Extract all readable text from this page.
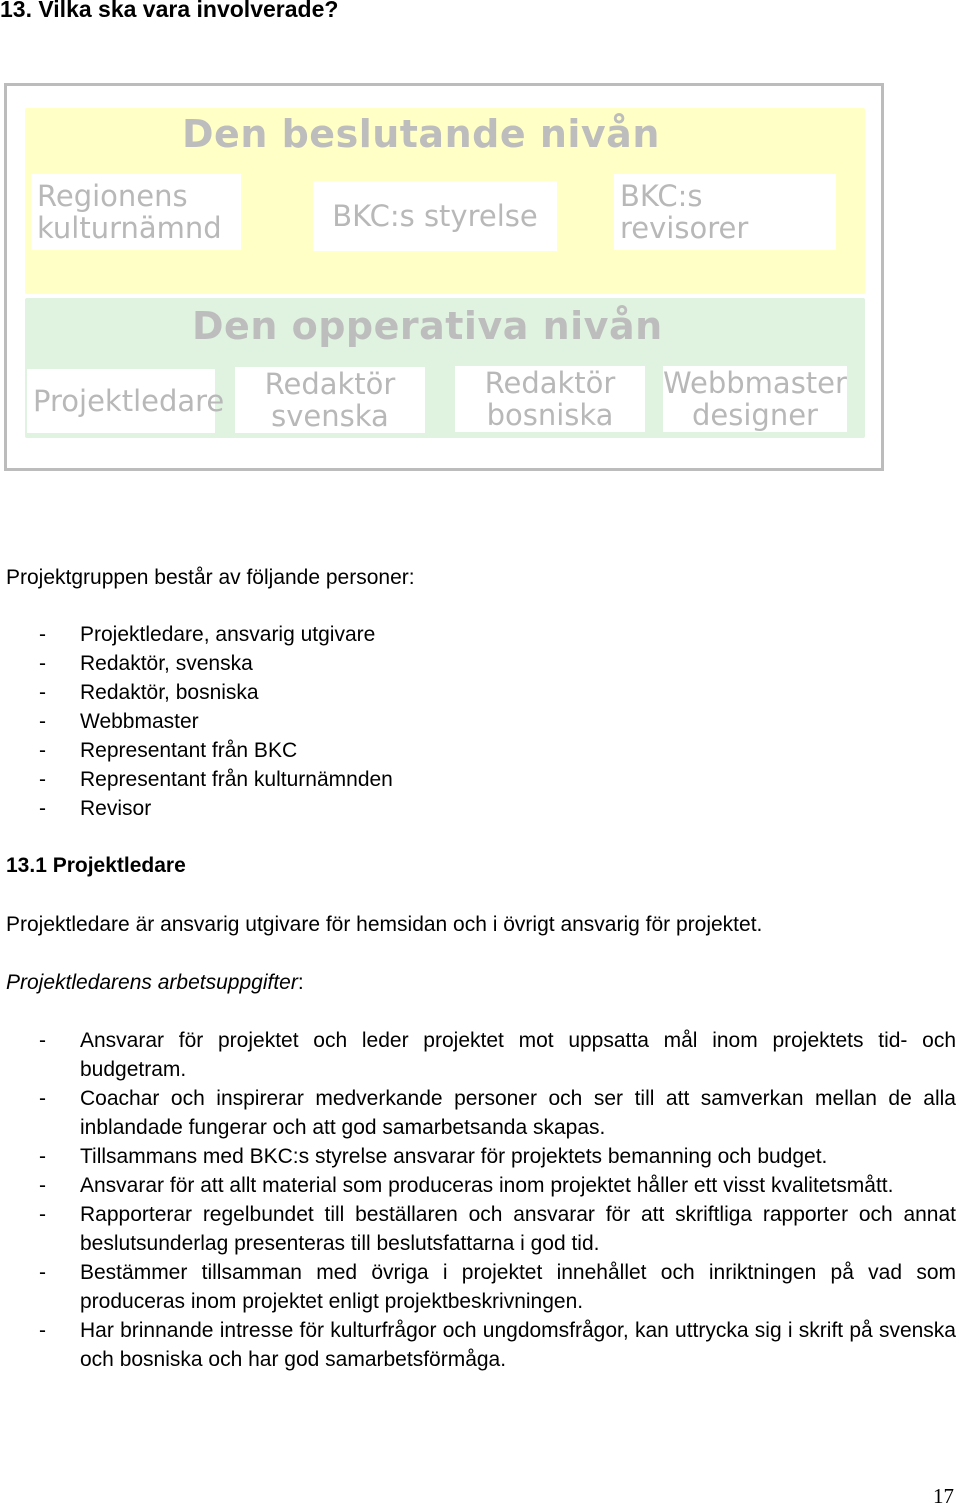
13. Vilka ska vara involverade?
Den beslutande nivån
Regionens
kulturnämnd	BKC:s styrelse
BKC:s
revisorer
Den opperativa nivån
Projektledare Redaktör
svenska
Redaktör
bosniska
Webbmaster
designer

Projektgruppen består av följande personer:

- Projektledare, ansvarig utgivare

- Redaktör, svenska

- Redaktör, bosniska

- Webbmaster

- Representant från BKC

- Representant från kulturnämnden

- Revisor

13.1 Projektledare

Projektledare är ansvarig utgivare för hemsidan och i övrigt ansvarig för projektet.

Projektledarens arbetsuppgifter:

- Ansvarar för projektet och leder projektet mot uppsatta mål inom projektets tid- och budgetram.
- Coachar och inspirerar medverkande personer och ser till att samverkan mellan de alla inblandade fungerar och att god samarbetsanda skapas.
- Tillsammans med BKC:s styrelse ansvarar för projektets bemanning och budget.
- Ansvarar för att allt material som produceras inom projektet håller ett visst kvalitetsmått.
- Rapporterar regelbundet till beställaren och ansvarar för att skriftliga rapporter och annat beslutsunderlag presenteras till beslutsfattarna i god tid.
- Bestämmer tillsamman med övriga i projektet innehållet och inriktningen på vad som produceras inom projektet enligt projektbeskrivningen.
- Har brinnande intresse för kulturfrågor och ungdomsfrågor, kan uttrycka sig i skrift på svenska och bosniska och har god samarbetsförmåga.
17
